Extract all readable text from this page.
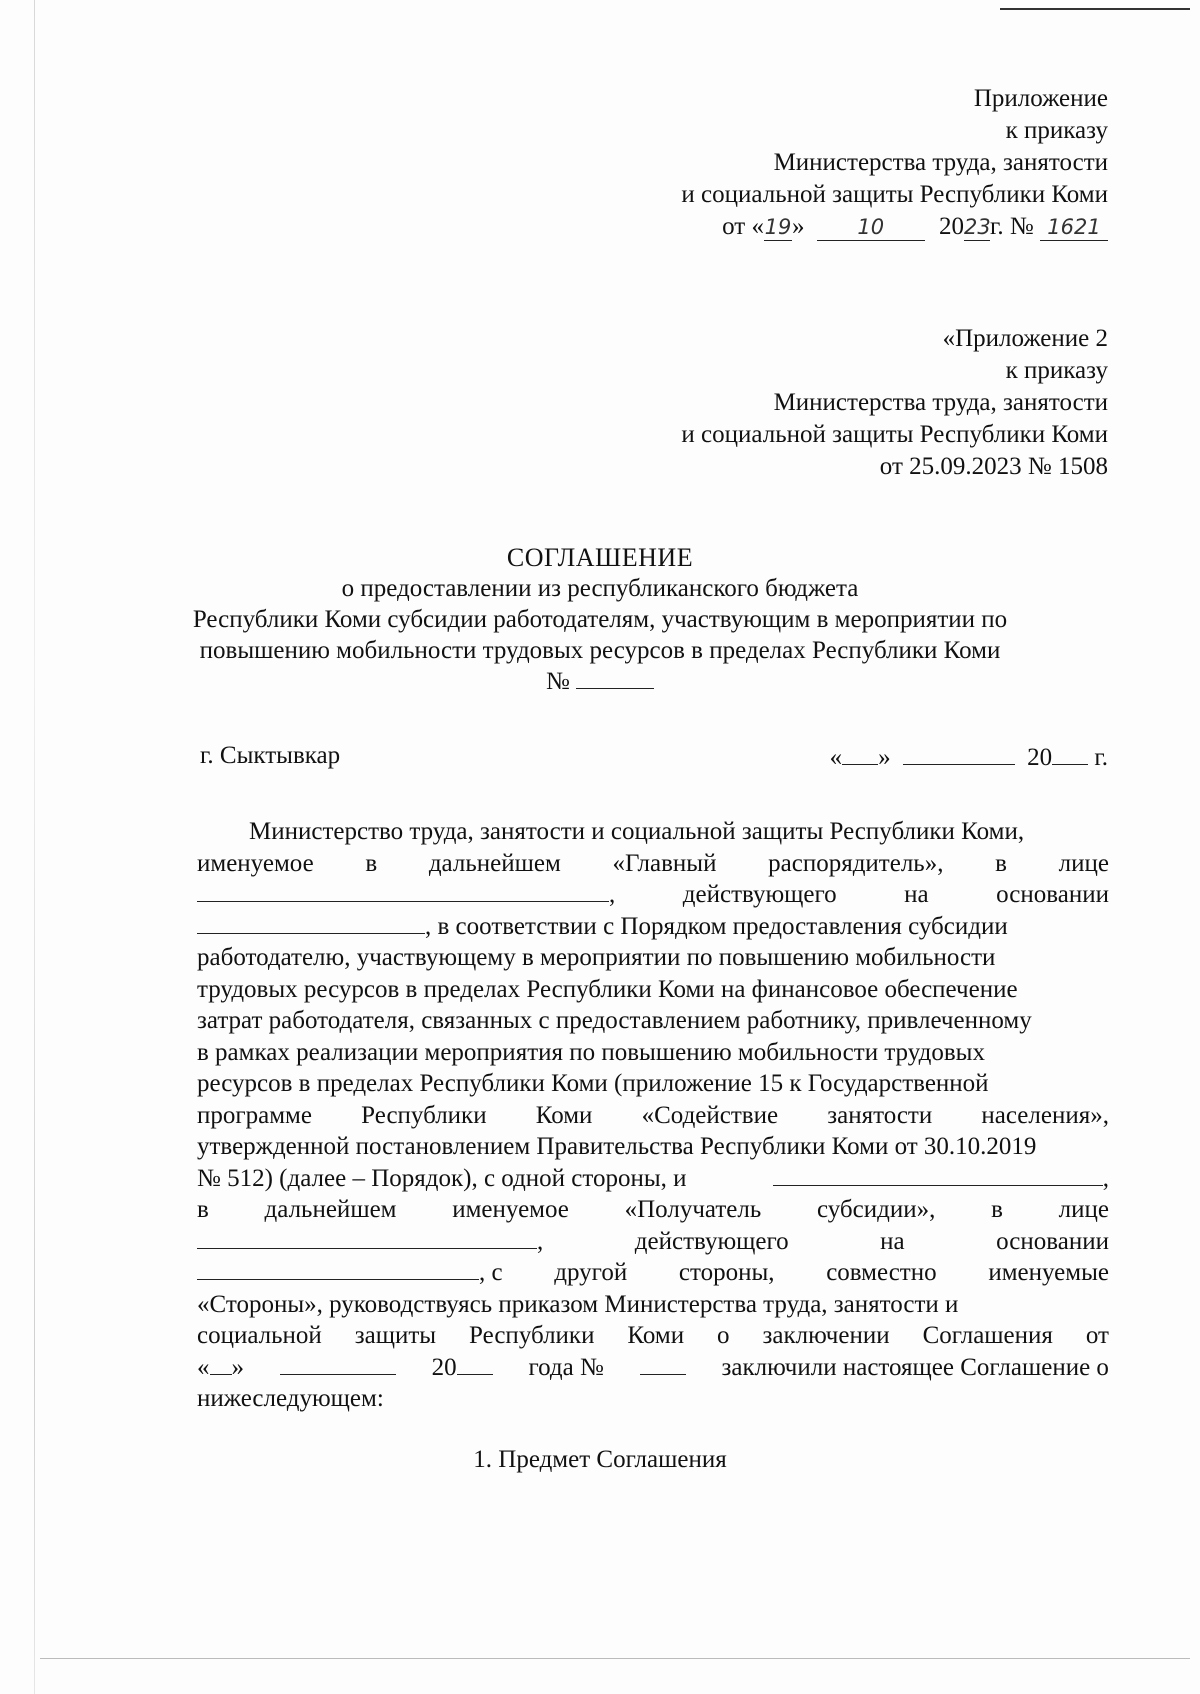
Приложение
к приказу
Министерства труда, занятости
и социальной защиты Республики Коми
от «19»	10 2023г. № 1621
«Приложение 2
к приказу
Министерства труда, занятости
и социальной защиты Республики Коми
от 25.09.2023 № 1508
СОГЛАШЕНИЕ
о предоставлении из республиканского бюджета
Республики Коми субсидии работодателям, участвующим в мероприятии по
повышению мобильности трудовых ресурсов в пределах Республики Коми
№
г. Сыктывкар	« »	20 г.
Министерство труда, занятости и социальной защиты Республики Коми,
именуемое в дальнейшем «Главный распорядитель», в лице
,	действующего	на	основании
, в соответствии с Порядком предоставления субсидии
работодателю, участвующему в мероприятии по повышению мобильности
трудовых ресурсов в пределах Республики Коми на финансовое обеспечение
затрат работодателя, связанных с предоставлением работнику, привлеченному
в рамках реализации мероприятия по повышению мобильности трудовых
ресурсов в пределах Республики Коми (приложение 15 к Государственной
программе Республики Коми «Содействие занятости населения»,
утвержденной постановлением Правительства Республики Коми от 30.10.2019
№ 512) (далее – Порядок), с одной стороны, и	,
в дальнейшем именуемое «Получатель субсидии», в лице
,	действующего	на	основании
, с другой стороны, совместно именуемые
«Стороны», руководствуясь приказом Министерства труда, занятости и
социальной защиты Республики Коми о заключении Соглашения от
« »	20	года №	заключили настоящее Соглашение о
нижеследующем:
1. Предмет Соглашения
